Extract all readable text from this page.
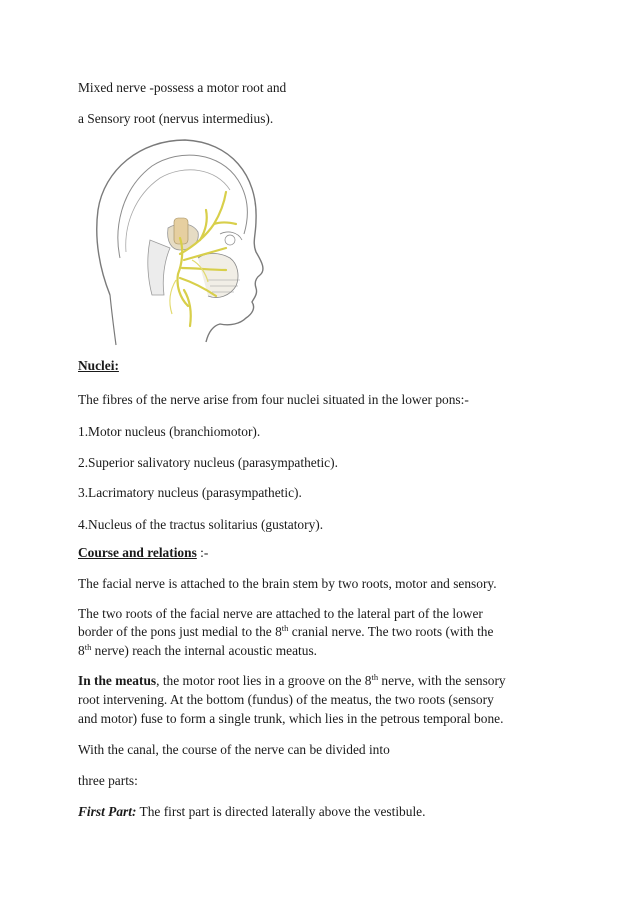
Mixed nerve -possess a motor root and
a Sensory root (nervus intermedius).
Nuclei:
The fibres of the nerve arise from four nuclei situated in the lower pons:-
1.Motor nucleus (branchiomotor).
2.Superior salivatory nucleus (parasympathetic).
3.Lacrimatory nucleus (parasympathetic).
4.Nucleus of the tractus solitarius (gustatory).
Course and relations :-
The facial nerve is attached to the brain stem by two roots, motor and sensory.
The two roots of the facial nerve are attached to the lateral part of the lower
border of the pons just medial to the 8th cranial nerve. The two roots (with the
8th nerve) reach the internal acoustic meatus.
In the meatus, the motor root lies in a groove on the 8th nerve, with the sensory
root intervening. At the bottom (fundus) of the meatus, the two roots (sensory
and motor) fuse to form a single trunk, which lies in the petrous temporal bone.
With the canal, the course of the nerve can be divided into
three parts:
First Part: The first part is directed laterally above the vestibule.
